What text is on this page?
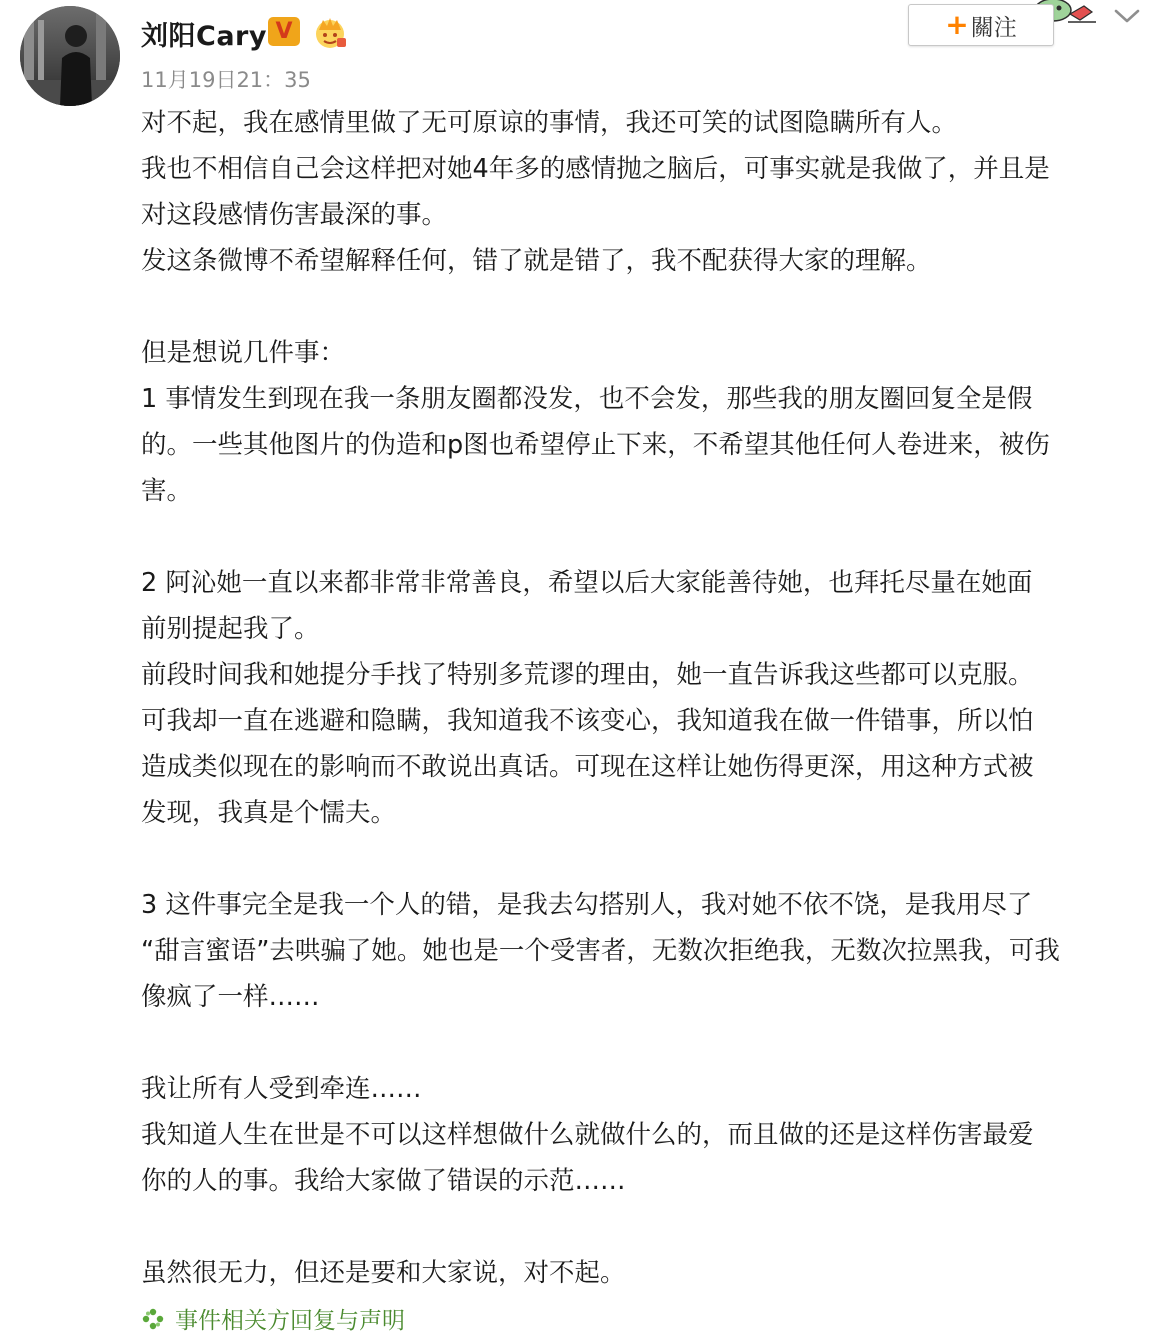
刘阳Cary V	+ 關注
11月19日21：35

对不起，我在感情里做了无可原谅的事情，我还可笑的试图隐瞒所有人。

我也不相信自己会这样把对她4年多的感情抛之脑后，可事实就是我做了，并且是

对这段感情伤害最深的事。

发这条微博不希望解释任何，错了就是错了，我不配获得大家的理解。

但是想说几件事：

1 事情发生到现在我一条朋友圈都没发，也不会发，那些我的朋友圈回复全是假

的。一些其他图片的伪造和p图也希望停止下来，不希望其他任何人卷进来，被伤

害。

2 阿沁她一直以来都非常非常善良，希望以后大家能善待她，也拜托尽量在她面

前别提起我了。

前段时间我和她提分手找了特别多荒谬的理由，她一直告诉我这些都可以克服。

可我却一直在逃避和隐瞒，我知道我不该变心，我知道我在做一件错事，所以怕

造成类似现在的影响而不敢说出真话。可现在这样让她伤得更深，用这种方式被

发现，我真是个懦夫。

3 这件事完全是我一个人的错，是我去勾搭别人，我对她不依不饶，是我用尽了

“甜言蜜语”去哄骗了她。她也是一个受害者，无数次拒绝我，无数次拉黑我，可我

像疯了一样……

我让所有人受到牵连……

我知道人生在世是不可以这样想做什么就做什么的，而且做的还是这样伤害最爱

你的人的事。我给大家做了错误的示范……

虽然很无力，但还是要和大家说，对不起。

事件相关方回复与声明
